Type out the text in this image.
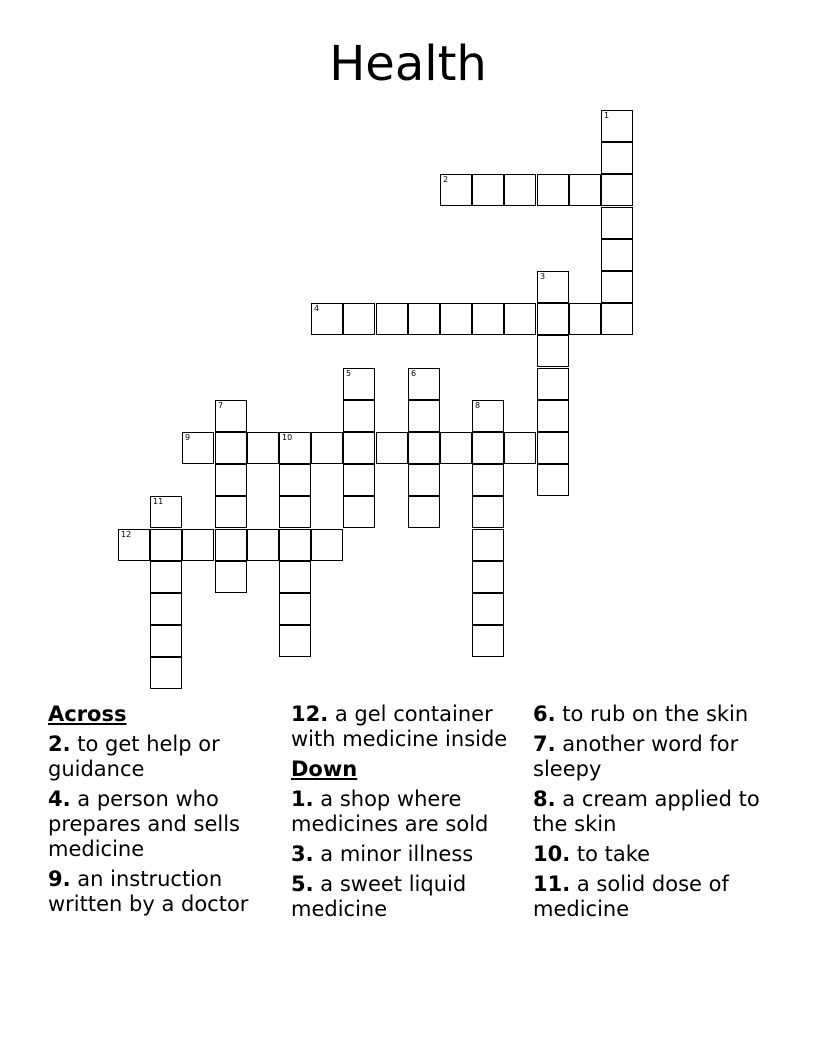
Health
1
2
3
4
5	6
7	8
9	10
11
12
Across
2. to get help or guidance
4. a person who prepares and sells medicine
9. an instruction written by a doctor
12. a gel container with medicine inside
Down
1. a shop where medicines are sold
3. a minor illness
5. a sweet liquid medicine
6. to rub on the skin
7. another word for sleepy
8. a cream applied to the skin
10. to take
11. a solid dose of medicine
